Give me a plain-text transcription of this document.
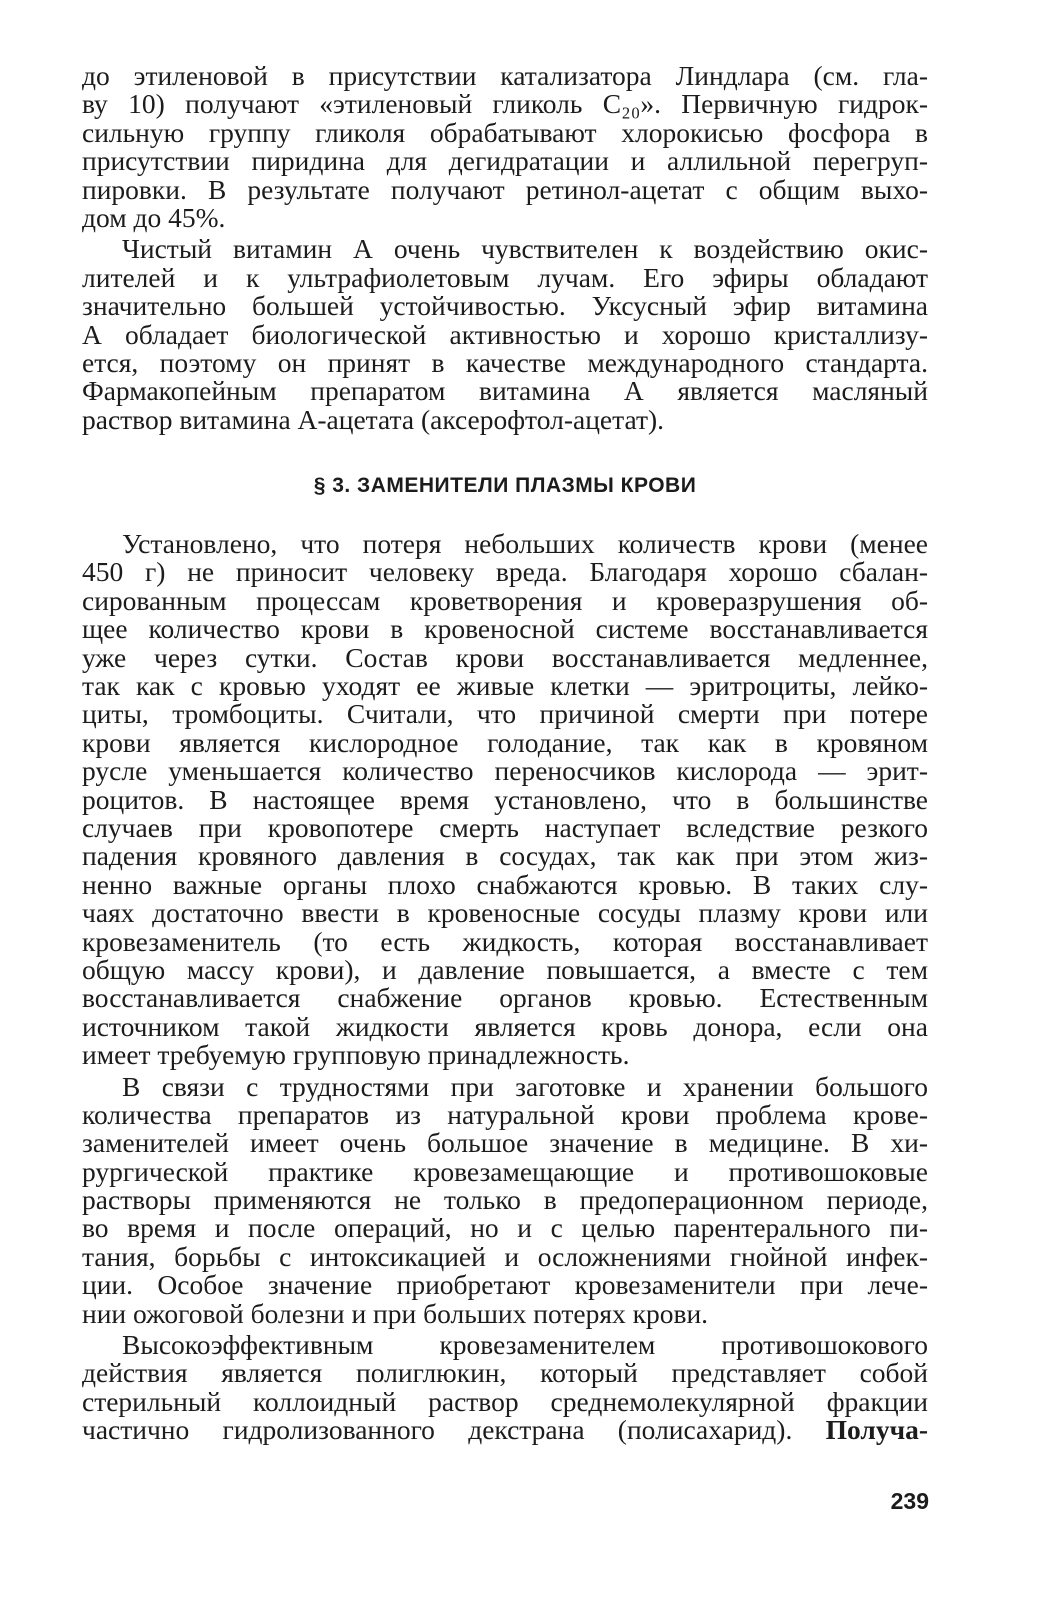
до этиленовой в присутствии катализатора Линдлара (см. гла-
ву 10) получают «этиленовый гликоль C₂₀». Первичную гидрок-
сильную группу гликоля обрабатывают хлорокисью фосфора в
присутствии пиридина для дегидратации и аллильной перегруп-
пировки. В результате получают ретинол-ацетат с общим выхо-
дом до 45%.
Чистый витамин А очень чувствителен к воздействию окис-
лителей и к ультрафиолетовым лучам. Его эфиры обладают
значительно большей устойчивостью. Уксусный эфир витамина
А обладает биологической активностью и хорошо кристаллизу-
ется, поэтому он принят в качестве международного стандарта.
Фармакопейным препаратом витамина А является масляный
раствор витамина А-ацетата (аксерофтол-ацетат).
§ 3. ЗАМЕНИТЕЛИ ПЛАЗМЫ КРОВИ
Установлено, что потеря небольших количеств крови (менее
450 г) не приносит человеку вреда. Благодаря хорошо сбалан-
сированным процессам кроветворения и кроверазрушения об-
щее количество крови в кровеносной системе восстанавливается
уже через сутки. Состав крови восстанавливается медленнее,
так как с кровью уходят ее живые клетки — эритроциты, лейко-
циты, тромбоциты. Считали, что причиной смерти при потере
крови является кислородное голодание, так как в кровяном
русле уменьшается количество переносчиков кислорода — эрит-
роцитов. В настоящее время установлено, что в большинстве
случаев при кровопотере смерть наступает вследствие резкого
падения кровяного давления в сосудах, так как при этом жиз-
ненно важные органы плохо снабжаются кровью. В таких слу-
чаях достаточно ввести в кровеносные сосуды плазму крови или
кровезаменитель (то есть жидкость, которая восстанавливает
общую массу крови), и давление повышается, а вместе с тем
восстанавливается снабжение органов кровью. Естественным
источником такой жидкости является кровь донора, если она
имеет требуемую групповую принадлежность.
В связи с трудностями при заготовке и хранении большого
количества препаратов из натуральной крови проблема крове-
заменителей имеет очень большое значение в медицине. В хи-
рургической практике кровезамещающие и противошоковые
растворы применяются не только в предоперационном периоде,
во время и после операций, но и с целью парентерального пи-
тания, борьбы с интоксикацией и осложнениями гнойной инфек-
ции. Особое значение приобретают кровезаменители при лече-
нии ожоговой болезни и при больших потерях крови.
Высокоэффективным кровезаменителем противошокового
действия является полиглюкин, который представляет собой
стерильный коллоидный раствор среднемолекулярной фракции
частично гидролизованного декстрана (полисахарид). Получа-
239
